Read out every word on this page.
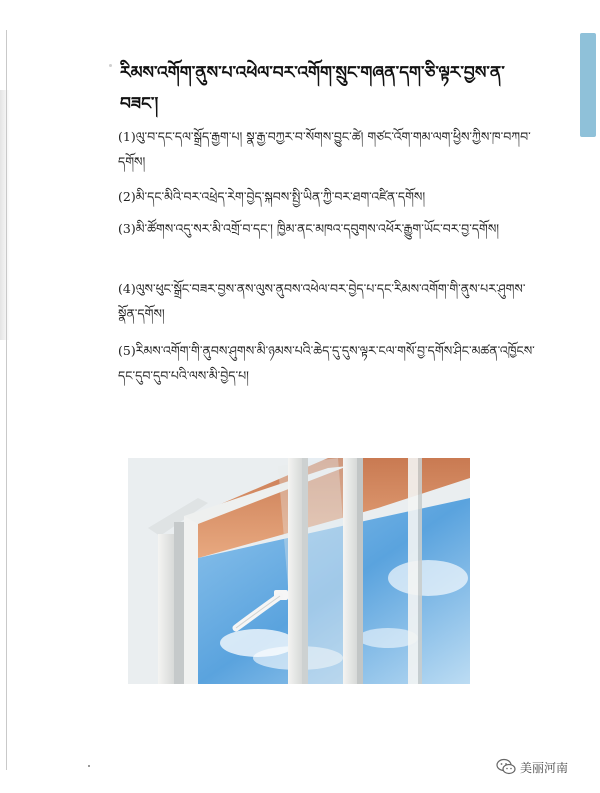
རིམས་འགོག་ནུས་པ་འཕེལ་བར་འགོག་སྲུང་གཞན་དག་ཅི་ལྟར་བྱས་ན་བཟང་།

(1)ལུ་བ་དང་དལ་སྒྲོད་རྒྱག་པ། སྣ་རྒྱ་བཀྱར་བ་སོགས་བྱུང་ཚེ། གཙང་འོག་གམ་ལག་ཕྱིས་ཀྱིས་ཁ་བཀབ་དགོས།

(2)མི་དང་མིའི་བར་འཕྲེད་རེག་བྱེད་སྐབས་སྤྱི་ཡིན་ཀྱི་བར་ཐག་འཛིན་དགོས།

(3)མི་ཚོགས་འདུ་སར་མི་འགྲོ་བ་དང་། ཁྱིམ་ནང་མཁའ་དབུགས་འཕོར་རྒྱུག་ཡོང་བར་བྱ་དགོས།

(4)ལུས་ཕུང་སྒྲོང་བཟར་བྱས་ནས་ལུས་ནུབས་འཕེལ་བར་བྱེད་པ་དང་རིམས་འགོག་གི་ནུས་པར་ཤུགས་སྣོན་དགོས།

(5)རིམས་འགོག་གི་ནུབས་ཤུགས་མི་ཉམས་པའི་ཆེད་དུ་དུས་ལྟར་ངལ་གསོ་བྱ་དགོས་ཤིང་མཚན་འཁྱོངས་དང་དུབ་དུབ་པའི་ལས་མི་བྱེད་པ།

美丽河南
